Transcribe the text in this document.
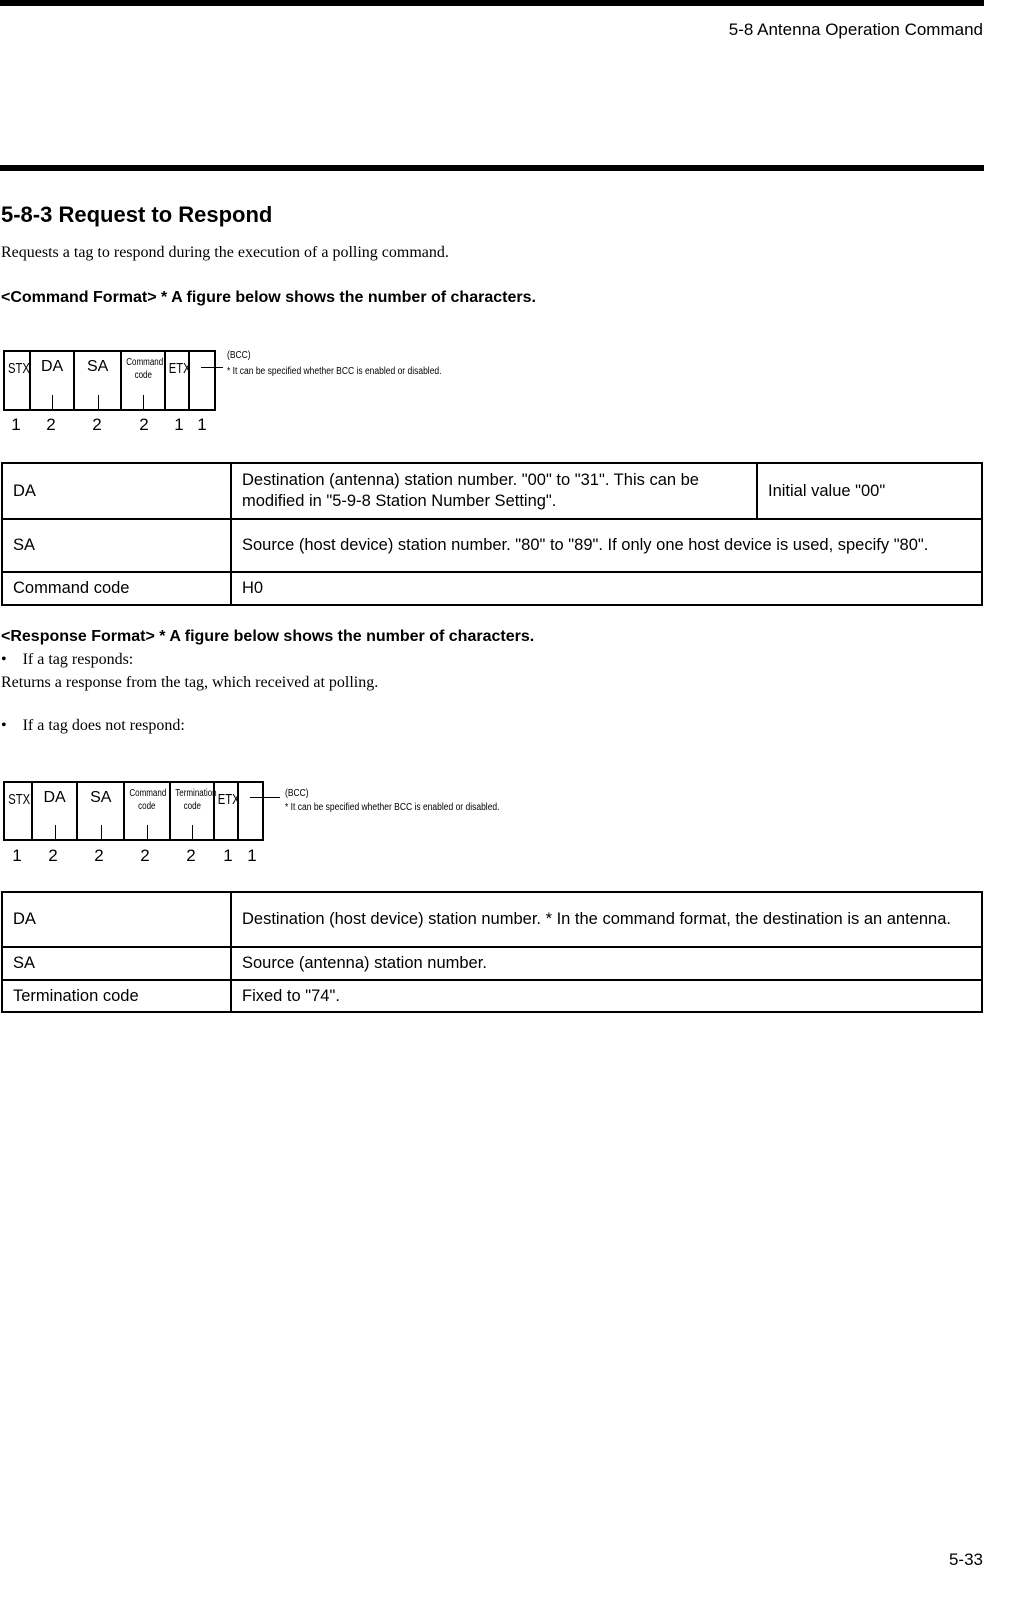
5-8 Antenna Operation Command
5-8-3 Request to Respond
Requests a tag to respond during the execution of a polling command.
<Command Format> * A figure below shows the number of characters.
STX DA	SA	Command code	ETX
(BCC)
* It can be specified whether BCC is enabled or disabled.
1 2 2 2 1 1
DA	Destination (antenna) station number. "00" to "31". This can be modified in "5-9-8 Station Number Setting".	Initial value "00"
SA	Source (host device) station number. "80" to "89". If only one host device is used, specify "80".	
Command code	H0	
<Response Format> * A figure below shows the number of characters.
•    If a tag responds:
Returns a response from the tag, which received at polling.
•    If a tag does not respond:
STX DA	SA	Command code
Termination code	ETX	(BCC)
* It can be specified whether BCC is enabled or disabled.
1 2 2 2 2 1 1
DA	Destination (host device) station number. * In the command format, the destination is an antenna.
SA	Source (antenna) station number.
Termination code	Fixed to "74".
5-33
